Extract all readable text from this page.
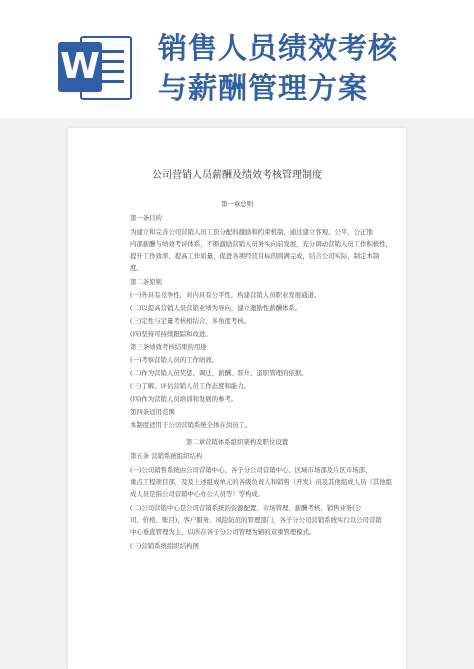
W 销售人员绩效考核
与薪酬管理方案
公司营销人员薪酬及绩效考核管理制度
第一章总则
第一条目的
为建立和完善公司营销人员工资分配的激励和约束机制，通过建立客观、公平、公正地
内部薪酬与绩效考评体系，不断激励营销人员务实向前发展，充分调动营销人员工作积极性，
提升工作效率，提高工作质量，促进各项经营目标的圆满完成，结合公司实际，制定本制
度。
第二条原则
(一)外具有竞争性，对内具有公平性，构建营销人员职业发展通道。
(二)以提高营销人员营销业绩为导向，建立激励性薪酬体系。
(三)定性与定量考核相结合，多角度考核。
(四)坚持可持续跟踪和改进。
第三条绩效考核结果的用途
(一)考察营销人员的工作绩效。
(二)作为营销人员奖惩、调迁、薪酬、晋升、退职管理的依据。
(三)了解、评估营销人员工作态度和能力。
(四)作为营销人员培训和发展的参考。
第四条适用范围
本制度适用于公司营销系统全体在岗员工。
第二章营销体系组织架构及职位设置
第五条 营销系统组织结构
(一)公司销售系统由公司营销中心、各子分公司营销中心、区域市场部及片区市场部、
重点工程项目部，及及上述组成单元的各级负责人和销售（开发）员及其他组成人员（其他组
成人员是指公司营销中心办公人员等）等构成。
(二)公司营销中心是公司营销系统的资源配置、市场管理、薪酬考核、销售业务(公
司、价格、账目)、客户服务、风险防范的管理部门，各子分公司营销系统实行以公司营销
中心垂直管理为主，以所在各子分公司管理为辅的双重管理模式。
(三)营销系统组织结构图
